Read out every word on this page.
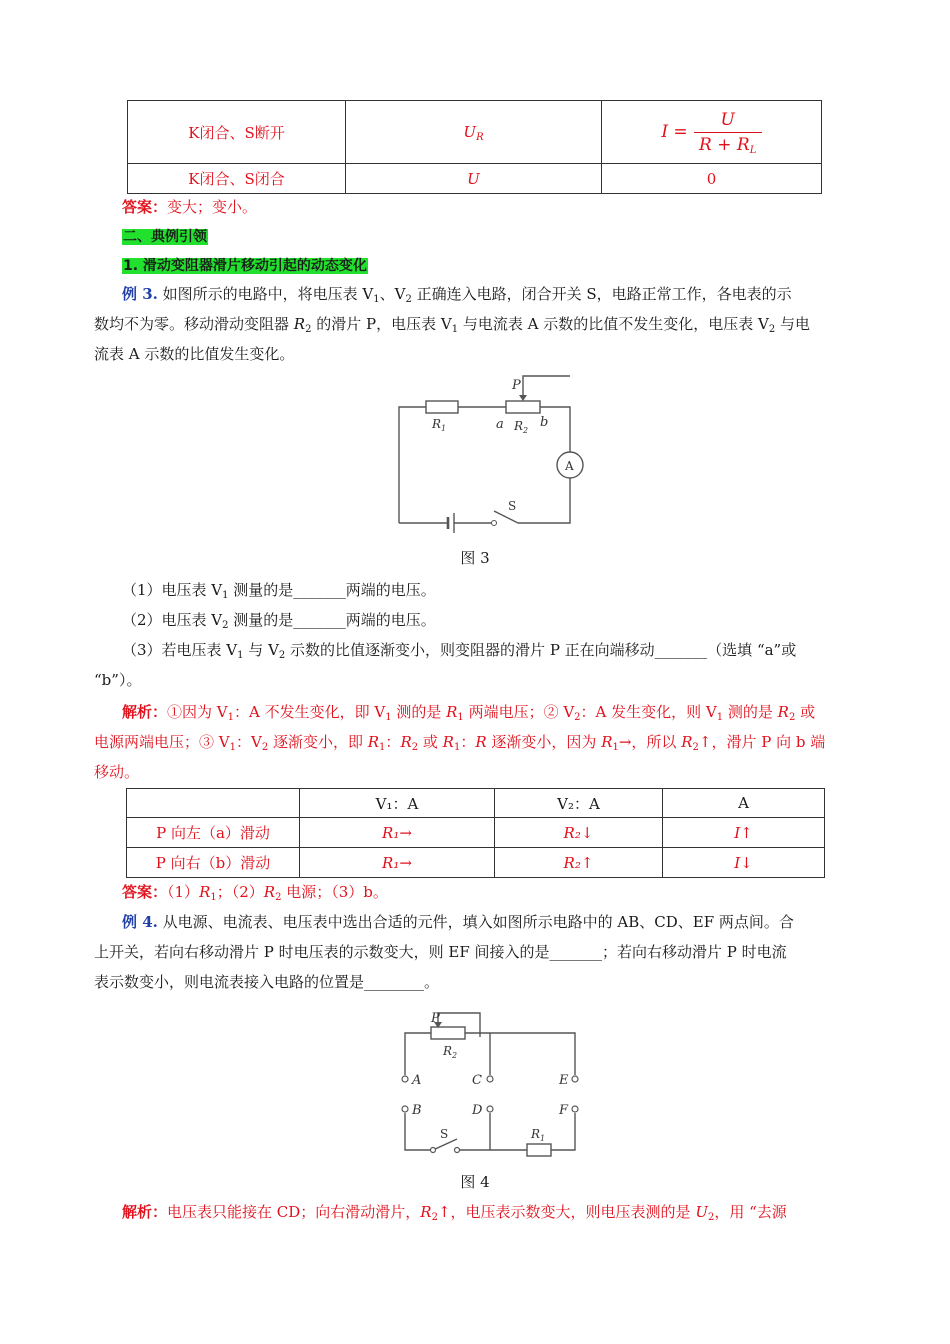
K闭合、S断开	$U_R$	$I = \frac{U}{R + R_L}$

K闭合、S闭合	U	0
答案：变大；变小。
二、典例引领
1. 滑动变阻器滑片移动引起的动态变化
例 3. 如图所示的电路中，将电压表 $V_1$、$V_2$ 正确连入电路，闭合开关 S，电路正常工作，各电表的示
数均不为零。移动滑动变阻器 $R_2$ 的滑片 P，电压表 $V_1$ 与电流表 A 示数的比值不发生变化，电压表 $V_2$ 与电
流表 A 示数的比值发生变化。
P
$R_1$	a $R_2$
b
A
S
图 3
（1）电压表 $V_1$ 测量的是_______两端的电压。
（2）电压表 $V_2$ 测量的是_______两端的电压。
（3）若电压表 $V_1$ 与 $V_2$ 示数的比值逐渐变小，则变阻器的滑片 P 正在向端移动_______（选填 “a”或
“b”）。
解析：①因为 $V_1$：A 不发生变化，即 $V_1$ 测的是 $R_1$ 两端电压；② $V_2$：A 发生变化，则 $V_1$ 测的是 $R_2$ 或
电源两端电压；③ $V_1$：$V_2$ 逐渐变小，即 $R_1$：$R_2$ 或 $R_1$：R 逐渐变小，因为 $R_1\to$，所以 $R_2↑$，滑片 P 向 b 端
移动。
	V₁：A	V₂：A	A
P 向左（a）滑动	R₁→	R₂↓	I↑
P 向右（b）滑动	R₁→	R₂↑	I↓
答案：$(1)R_1$；$(2)R_2$ 电源；（3）b。
例 4. 从电源、电流表、电压表中选出合适的元件，填入如图所示电路中的 AB、CD、EF 两点间。合
上开关，若向右移动滑片 P 时电压表的示数变大，则 EF 间接入的是_______；若向右移动滑片 P 时电流
表示数变小，则电流表接入电路的位置是________。
P
$R_2$
A	C	E
B	D	F
S	$R_1$
图 4
解析：电压表只能接在 CD；向右滑动滑片，$R_2↑$，电压表示数变大，则电压表测的是 $U_2$，用 “去源
